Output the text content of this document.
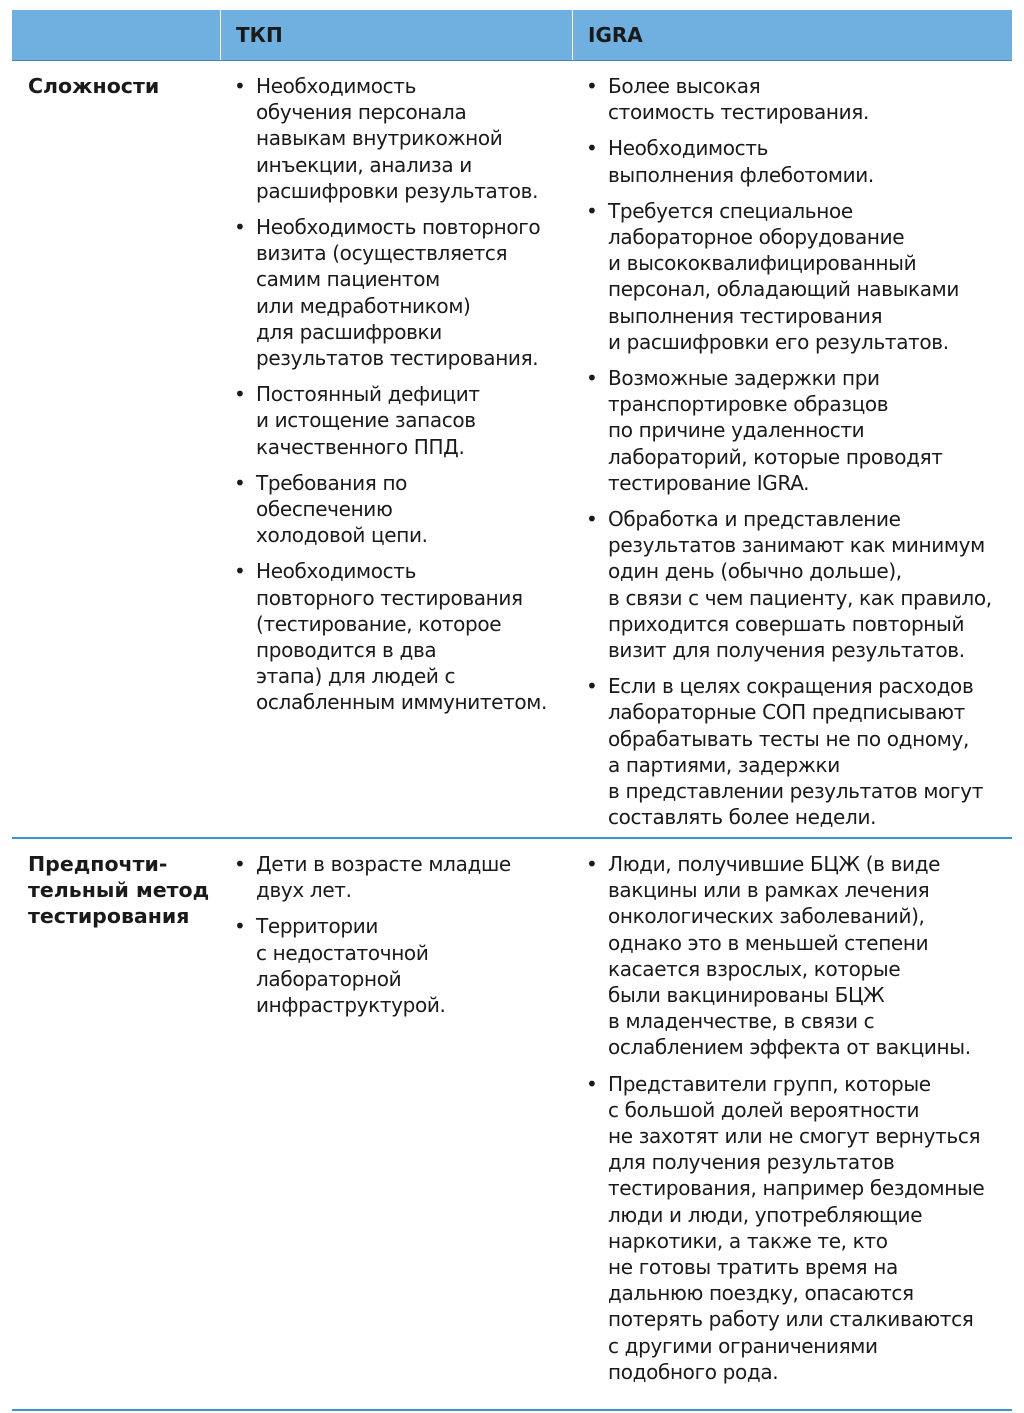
ТКП	IGRA
Сложности	• Необходимость
обучения персонала
навыкам внутрикожной
инъекции, анализа и
расшифровки результатов.
• Необходимость повторного
визита (осуществляется
самим пациентом
или медработником)
для расшифровки
результатов тестирования.
• Постоянный дефицит
и истощение запасов
качественного ППД.
• Требования по
обеспечению
холодовой цепи.
• Необходимость
повторного тестирования
(тестирование, которое
проводится в два
этапа) для людей с
ослабленным иммунитетом.
• Более высокая
стоимость тестирования.
• Необходимость
выполнения флеботомии.
• Требуется специальное
лабораторное оборудование
и высококвалифицированный
персонал, обладающий навыками
выполнения тестирования
и расшифровки его результатов.
• Возможные задержки при
транспортировке образцов
по причине удаленности
лабораторий, которые проводят
тестирование IGRA.
• Обработка и представление
результатов занимают как минимум
один день (обычно дольше),
в связи с чем пациенту, как правило,
приходится совершать повторный
визит для получения результатов.
• Если в целях сокращения расходов
лабораторные СОП предписывают
обрабатывать тесты не по одному,
а партиями, задержки
в представлении результатов могут
составлять более недели.
Предпочти-
тельный метод
тестирования
• Дети в возрасте младше
двух лет.
• Территории
с недостаточной
лабораторной
инфраструктурой.
• Люди, получившие БЦЖ (в виде
вакцины или в рамках лечения
онкологических заболеваний),
однако это в меньшей степени
касается взрослых, которые
были вакцинированы БЦЖ
в младенчестве, в связи с
ослаблением эффекта от вакцины.
• Представители групп, которые
с большой долей вероятности
не захотят или не смогут вернуться
для получения результатов
тестирования, например бездомные
люди и люди, употребляющие
наркотики, а также те, кто
не готовы тратить время на
дальнюю поездку, опасаются
потерять работу или сталкиваются
с другими ограничениями
подобного рода.
